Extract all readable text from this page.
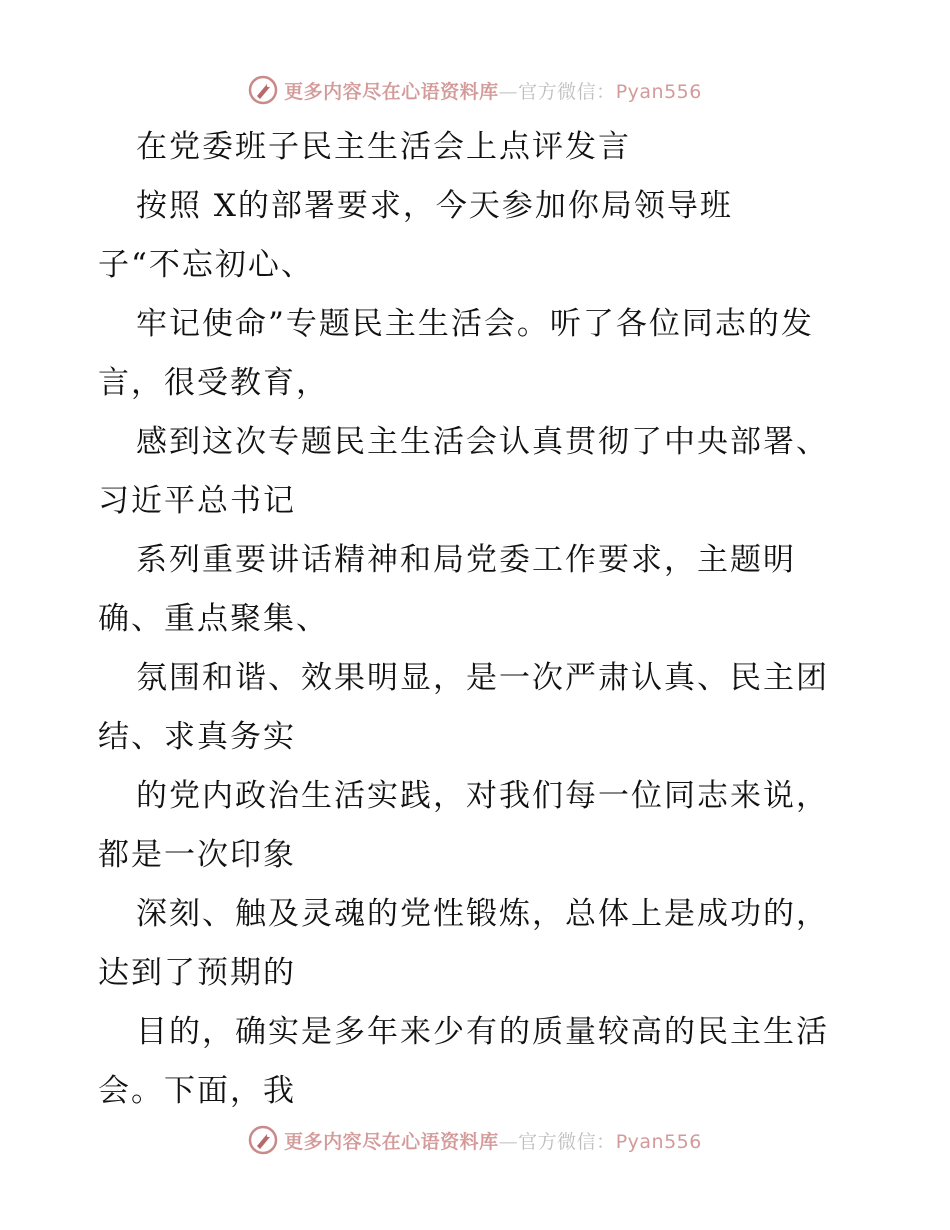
更多内容尽在心语资料库—官方微信：Pyan556
在党委班子民主生活会上点评发言
按照 X的部署要求，今天参加你局领导班
子“不忘初心、
牢记使命”专题民主生活会。听了各位同志的发
言，很受教育，
感到这次专题民主生活会认真贯彻了中央部署、
习近平总书记
系列重要讲话精神和局党委工作要求，主题明
确、重点聚集、
氛围和谐、效果明显，是一次严肃认真、民主团
结、求真务实
的党内政治生活实践，对我们每一位同志来说，
都是一次印象
深刻、触及灵魂的党性锻炼，总体上是成功的，
达到了预期的
目的，确实是多年来少有的质量较高的民主生活
会。下面，我
更多内容尽在心语资料库—官方微信：Pyan556
